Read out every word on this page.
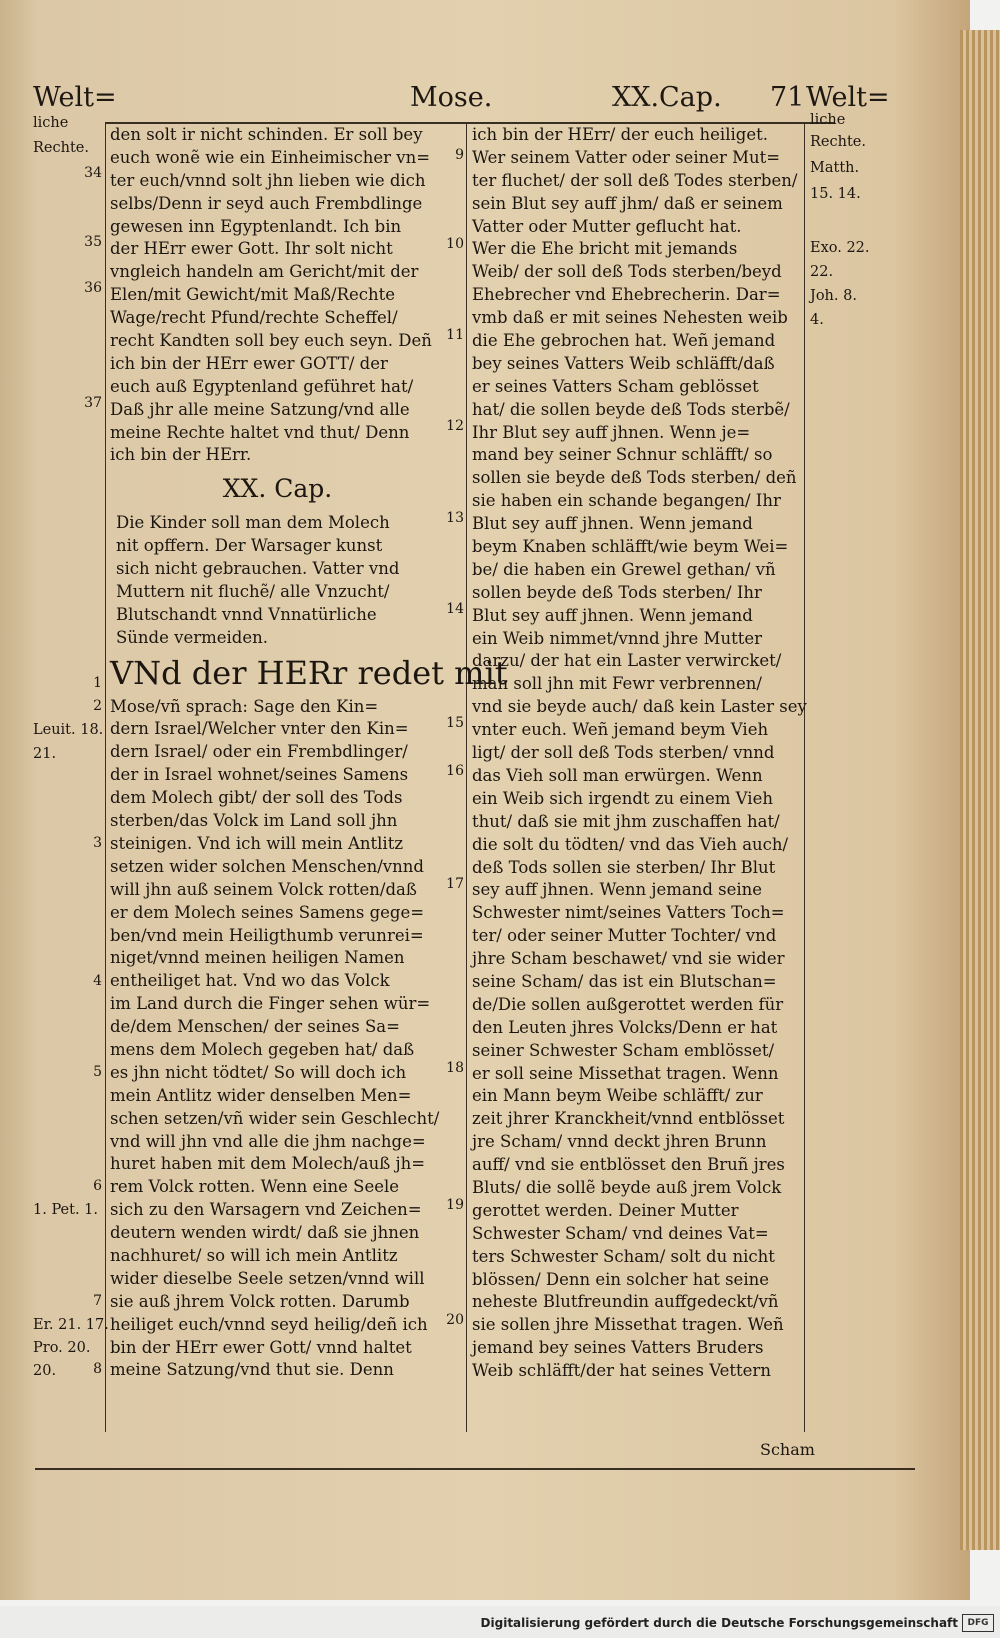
Welt=	Mose.	XX.Cap. 71 Welt=
liche
Rechte.
Leuit. 18.
21.
1. Pet. 1.
Er. 21. 17.
Pro. 20.
20.
liche
Rechte.
Matth.
15. 14.
Exo. 22.
22.
Joh. 8.
4.
34
35
36
37
1
2
3
4
5
6
7
8
9
10
11
12
13
14
15
16
17
18
19
20
den solt ir nicht schinden. Er soll bey
euch wonẽ wie ein Einheimischer vn=
ter euch/vnnd solt jhn lieben wie dich
selbs/Denn ir seyd auch Frembdlinge
gewesen inn Egyptenlandt. Ich bin
der HErr ewer Gott. Ihr solt nicht
vngleich handeln am Gericht/mit der
Elen/mit Gewicht/mit Maß/Rechte
Wage/recht Pfund/rechte Scheffel/
recht Kandten soll bey euch seyn. Deñ
ich bin der HErr ewer GOTT/ der
euch auß Egyptenland geführet hat/
Daß jhr alle meine Satzung/vnd alle
meine Rechte haltet vnd thut/ Denn
ich bin der HErr.
XX. Cap.
Die Kinder soll man dem Molech
nit opffern. Der Warsager kunst
sich nicht gebrauchen. Vatter vnd
Muttern nit fluchẽ/ alle Vnzucht/
Blutschandt vnnd Vnnatürliche
Sünde vermeiden.
VNd der HERr redet mit
Mose/vñ sprach: Sage den Kin=
dern Israel/Welcher vnter den Kin=
dern Israel/ oder ein Frembdlinger/
der in Israel wohnet/seines Samens
dem Molech gibt/ der soll des Tods
sterben/das Volck im Land soll jhn
steinigen. Vnd ich will mein Antlitz
setzen wider solchen Menschen/vnnd
will jhn auß seinem Volck rotten/daß
er dem Molech seines Samens gege=
ben/vnd mein Heiligthumb verunrei=
niget/vnnd meinen heiligen Namen
entheiliget hat. Vnd wo das Volck
im Land durch die Finger sehen wür=
de/dem Menschen/ der seines Sa=
mens dem Molech gegeben hat/ daß
es jhn nicht tödtet/ So will doch ich
mein Antlitz wider denselben Men=
schen setzen/vñ wider sein Geschlecht/
vnd will jhn vnd alle die jhm nachge=
huret haben mit dem Molech/auß jh=
rem Volck rotten. Wenn eine Seele
sich zu den Warsagern vnd Zeichen=
deutern wenden wirdt/ daß sie jhnen
nachhuret/ so will ich mein Antlitz
wider dieselbe Seele setzen/vnnd will
sie auß jhrem Volck rotten. Darumb
heiliget euch/vnnd seyd heilig/deñ ich
bin der HErr ewer Gott/ vnnd haltet
meine Satzung/vnd thut sie. Denn
ich bin der HErr/ der euch heiliget.
Wer seinem Vatter oder seiner Mut=
ter fluchet/ der soll deß Todes sterben/
sein Blut sey auff jhm/ daß er seinem
Vatter oder Mutter geflucht hat.
Wer die Ehe bricht mit jemands
Weib/ der soll deß Tods sterben/beyd
Ehebrecher vnd Ehebrecherin. Dar=
vmb daß er mit seines Nehesten weib
die Ehe gebrochen hat. Weñ jemand
bey seines Vatters Weib schläfft/daß
er seines Vatters Scham geblösset
hat/ die sollen beyde deß Tods sterbẽ/
Ihr Blut sey auff jhnen. Wenn je=
mand bey seiner Schnur schläfft/ so
sollen sie beyde deß Tods sterben/ deñ
sie haben ein schande begangen/ Ihr
Blut sey auff jhnen. Wenn jemand
beym Knaben schläfft/wie beym Wei=
be/ die haben ein Grewel gethan/ vñ
sollen beyde deß Tods sterben/ Ihr
Blut sey auff jhnen. Wenn jemand
ein Weib nimmet/vnnd jhre Mutter
darzu/ der hat ein Laster verwircket/
man soll jhn mit Fewr verbrennen/
vnd sie beyde auch/ daß kein Laster sey
vnter euch. Weñ jemand beym Vieh
ligt/ der soll deß Tods sterben/ vnnd
das Vieh soll man erwürgen. Wenn
ein Weib sich irgendt zu einem Vieh
thut/ daß sie mit jhm zuschaffen hat/
die solt du tödten/ vnd das Vieh auch/
deß Tods sollen sie sterben/ Ihr Blut
sey auff jhnen. Wenn jemand seine
Schwester nimt/seines Vatters Toch=
ter/ oder seiner Mutter Tochter/ vnd
jhre Scham beschawet/ vnd sie wider
seine Scham/ das ist ein Blutschan=
de/Die sollen außgerottet werden für
den Leuten jhres Volcks/Denn er hat
seiner Schwester Scham emblösset/
er soll seine Missethat tragen. Wenn
ein Mann beym Weibe schläfft/ zur
zeit jhrer Kranckheit/vnnd entblösset
jre Scham/ vnnd deckt jhren Brunn
auff/ vnd sie entblösset den Bruñ jres
Bluts/ die sollẽ beyde auß jrem Volck
gerottet werden. Deiner Mutter
Schwester Scham/ vnd deines Vat=
ters Schwester Scham/ solt du nicht
blössen/ Denn ein solcher hat seine
neheste Blutfreundin auffgedeckt/vñ
sie sollen jhre Missethat tragen. Weñ
jemand bey seines Vatters Bruders
Weib schläfft/der hat seines Vettern
Scham
Digitalisierung gefördert durch die Deutsche Forschungsgemeinschaft	DFG
